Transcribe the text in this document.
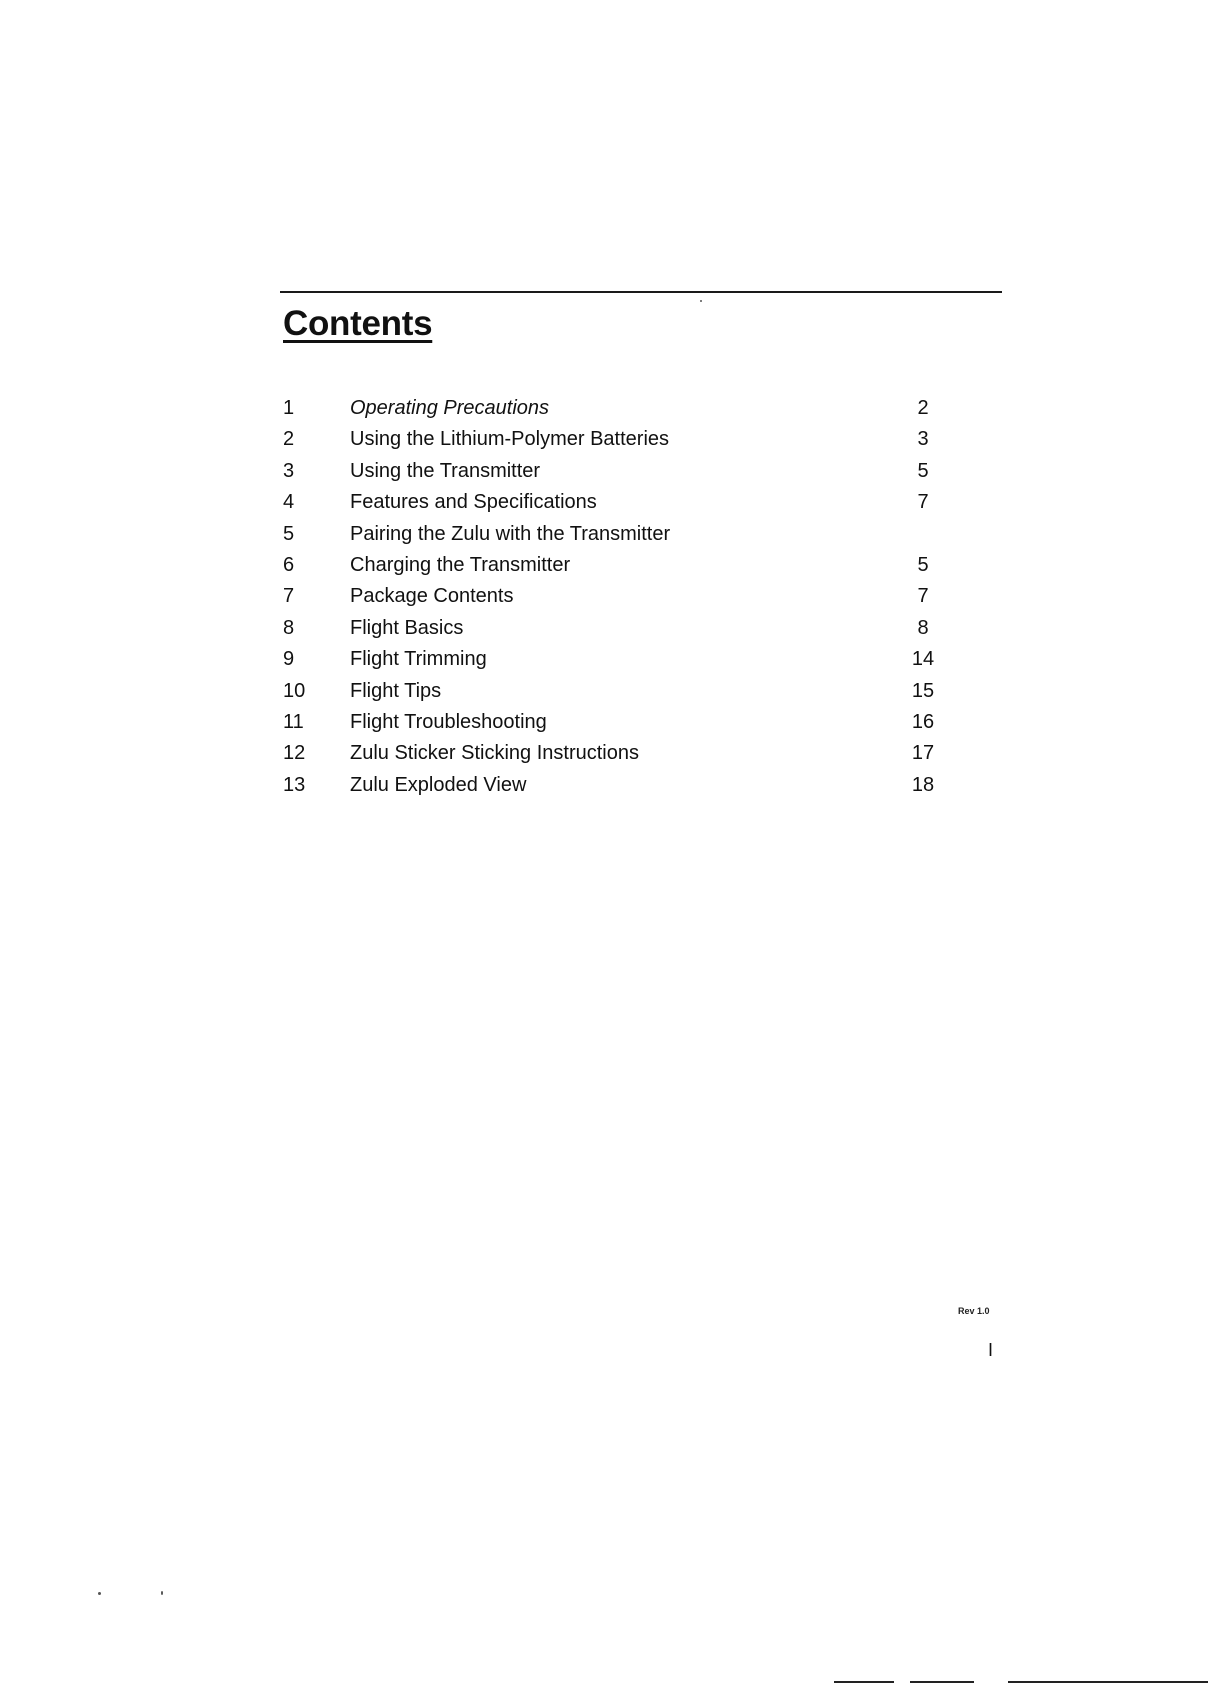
Contents
1	Operating Precautions	2
2	Using the Lithium-Polymer Batteries	3
3	Using the Transmitter	5
4	Features and Specifications	7
5	Pairing the Zulu with the Transmitter
6	Charging the Transmitter	5
7	Package Contents	7
8	Flight Basics	8
9	Flight Trimming	14
10 Flight Tips	15
11 Flight Troubleshooting	16
12 Zulu Sticker Sticking Instructions	17
13 Zulu Exploded View	18
Rev 1.0
I
